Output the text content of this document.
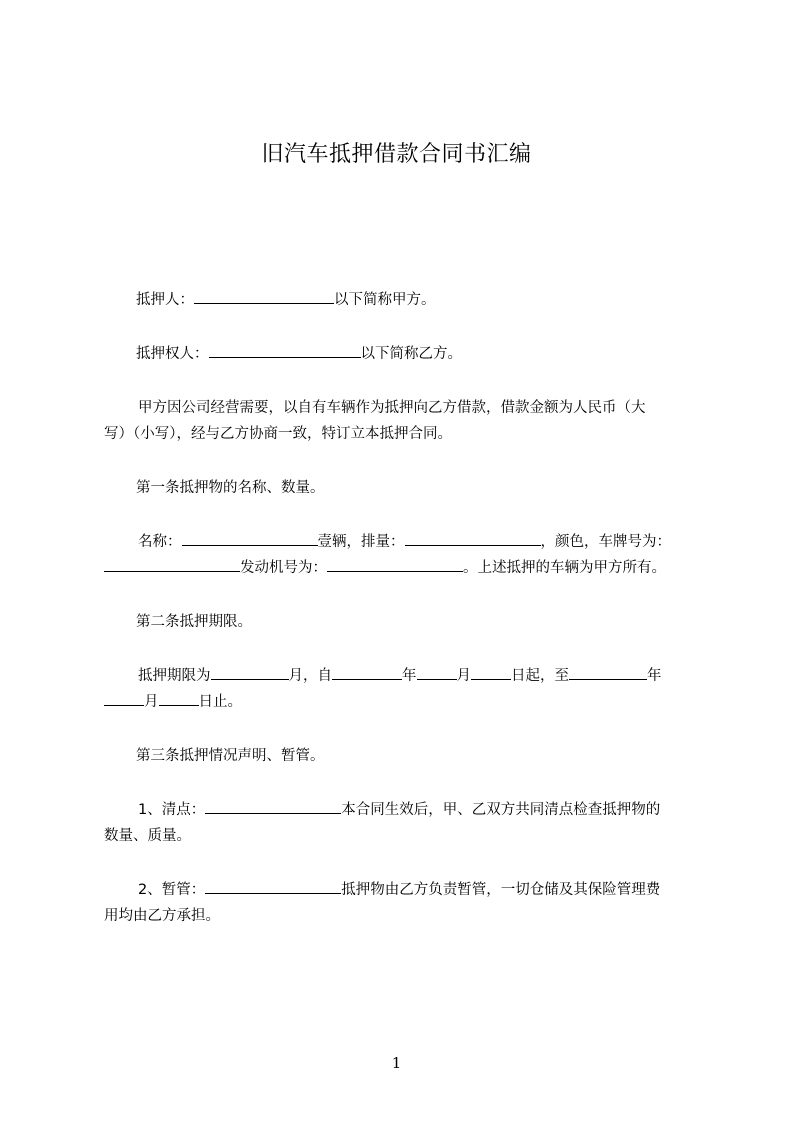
旧汽车抵押借款合同书汇编
抵押人：	以下简称甲方。
抵押权人：	以下简称乙方。
甲方因公司经营需要，以自有车辆作为抵押向乙方借款，借款金额为人民币（大
写）（小写），经与乙方协商一致，特订立本抵押合同。
第一条抵押物的名称、数量。
名称：	壹辆，排量：	，颜色，车牌号为：
发动机号为：	。上述抵押的车辆为甲方所有。
第二条抵押期限。
抵押期限为	月，自	年	月	日起，至	年
月	日止。
第三条抵押情况声明、暂管。
1、清点：	本合同生效后，甲、乙双方共同清点检查抵押物的
数量、质量。
2、暂管：	抵押物由乙方负责暂管，一切仓储及其保险管理费
用均由乙方承担。
1
